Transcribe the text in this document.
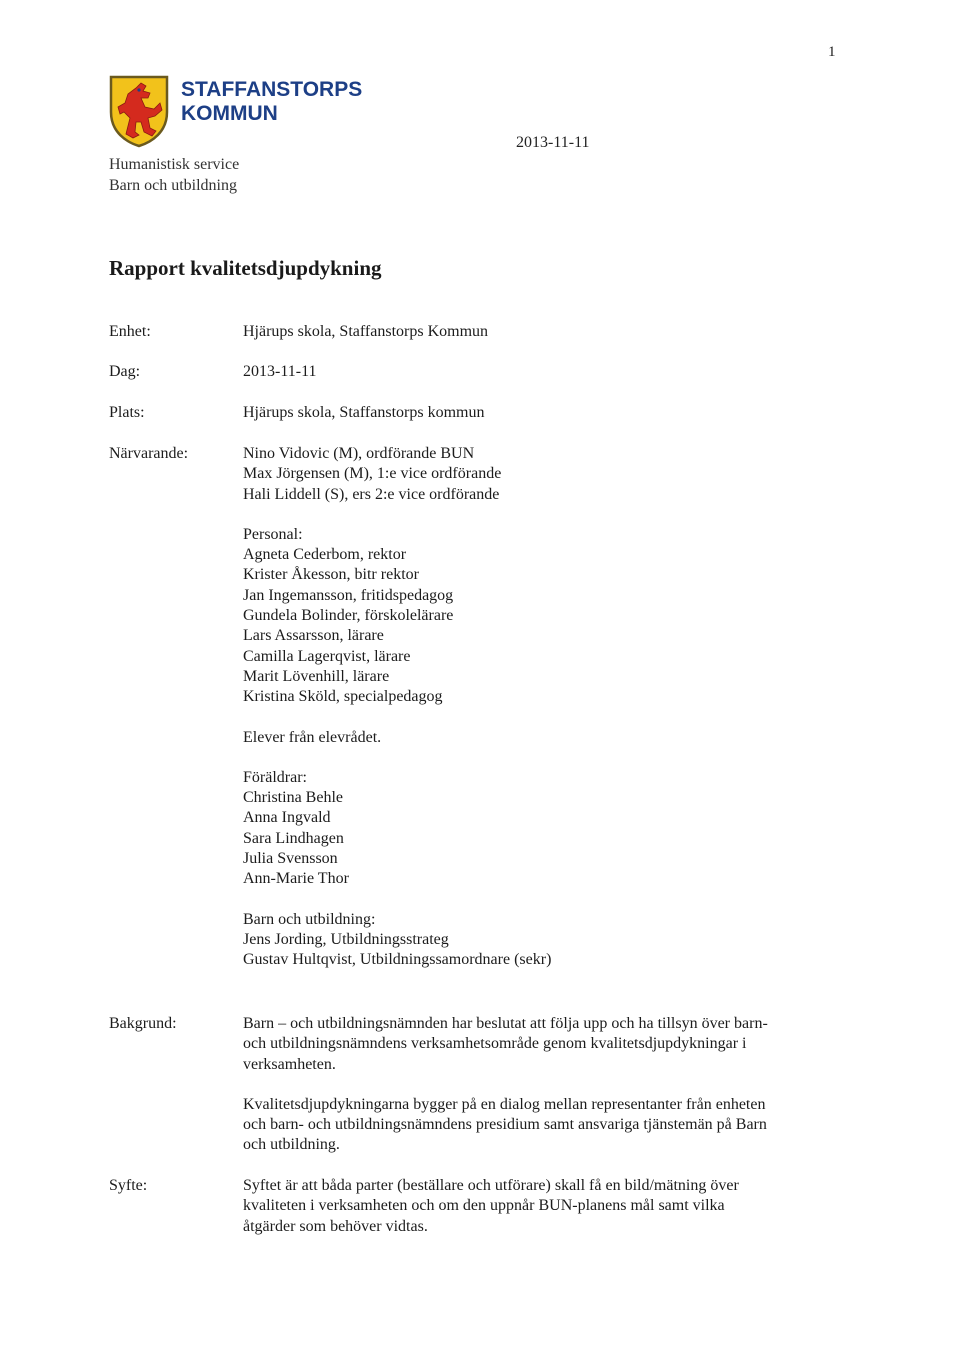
1
STAFFANSTORPS
KOMMUN
Humanistisk service
Barn och utbildning
2013-11-11
Rapport kvalitetsdjupdykning
Enhet:	Hjärups skola, Staffanstorps Kommun
Dag:	2013-11-11
Plats:	Hjärups skola, Staffanstorps kommun
Närvarande:	Nino Vidovic (M), ordförande BUN
Max Jörgensen (M), 1:e vice ordförande
Hali Liddell (S), ers 2:e vice ordförande
Personal:
Agneta Cederbom, rektor
Krister Åkesson, bitr rektor
Jan Ingemansson, fritidspedagog
Gundela Bolinder, förskolelärare
Lars Assarsson, lärare
Camilla Lagerqvist, lärare
Marit Lövenhill, lärare
Kristina Sköld, specialpedagog
Elever från elevrådet.
Föräldrar:
Christina Behle
Anna Ingvald
Sara Lindhagen
Julia Svensson
Ann-Marie Thor
Barn och utbildning:
Jens Jording, Utbildningsstrateg
Gustav Hultqvist, Utbildningssamordnare (sekr)
Bakgrund:	Barn – och utbildningsnämnden har beslutat att följa upp och ha tillsyn över barn-
och utbildningsnämndens verksamhetsområde genom kvalitetsdjupdykningar i
verksamheten.
Kvalitetsdjupdykningarna bygger på en dialog mellan representanter från enheten
och barn- och utbildningsnämndens presidium samt ansvariga tjänstemän på Barn
och utbildning.
Syfte:	Syftet är att båda parter (beställare och utförare) skall få en bild/mätning över
kvaliteten i verksamheten och om den uppnår BUN-planens mål samt vilka
åtgärder som behöver vidtas.
